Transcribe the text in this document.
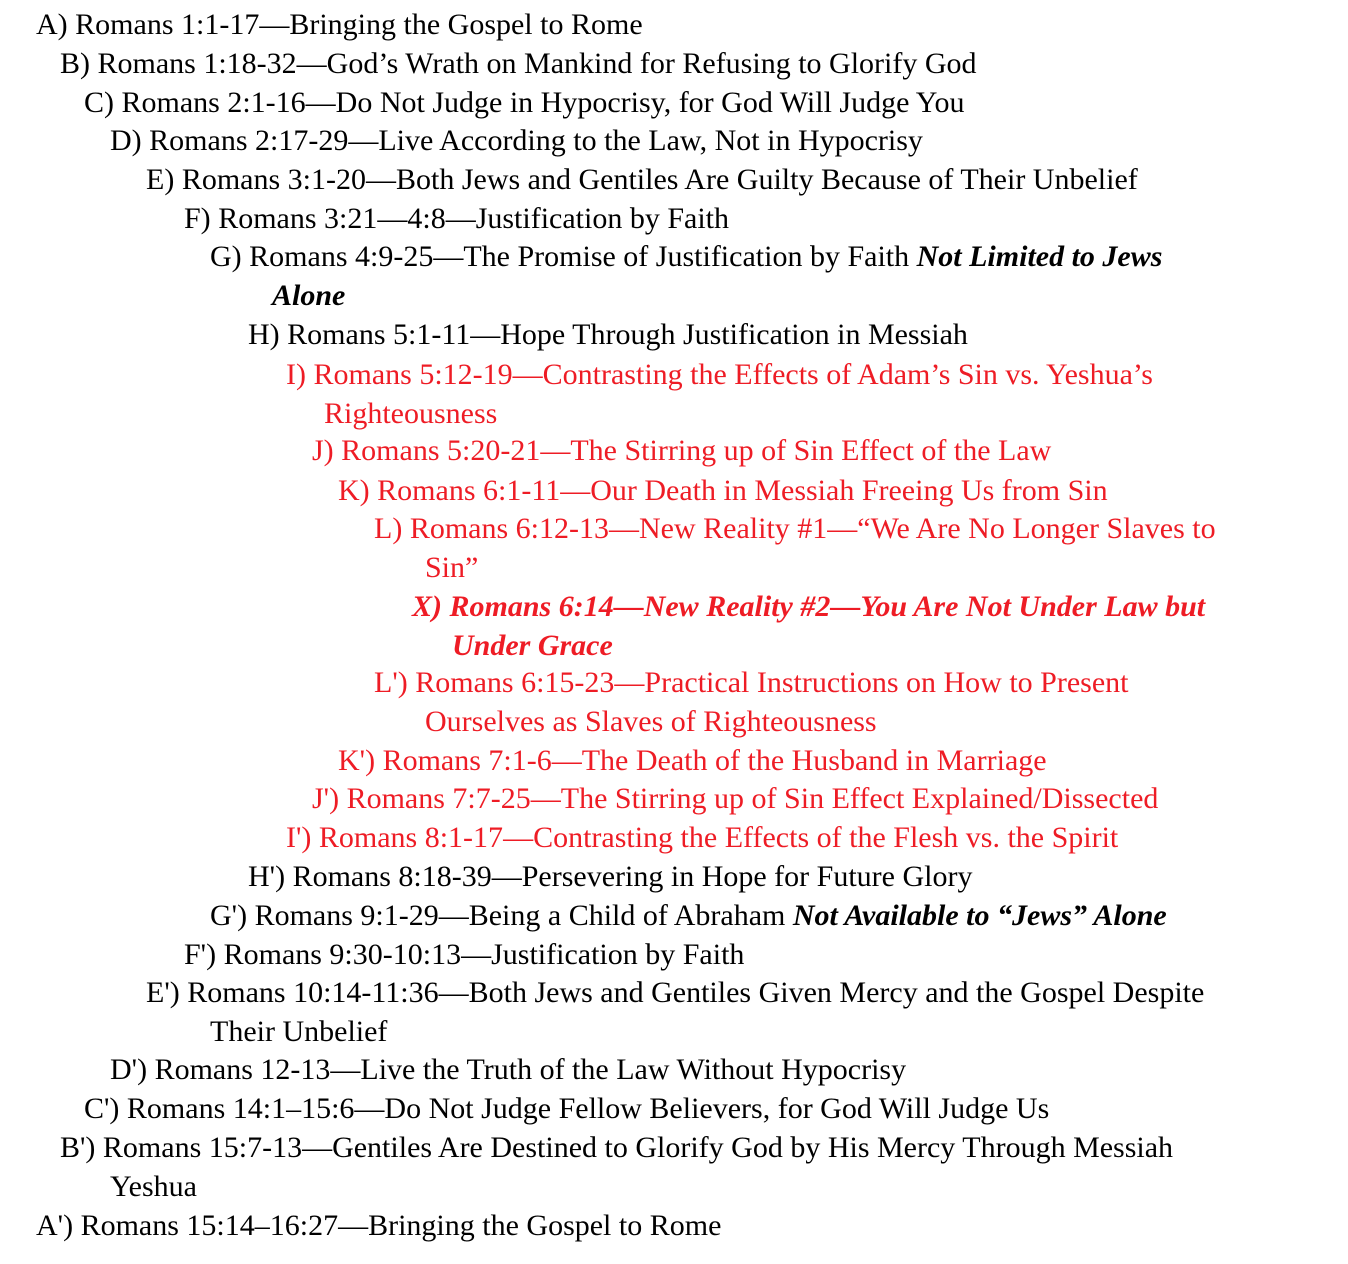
A) Romans 1:1-17—Bringing the Gospel to Rome
B) Romans 1:18-32—God’s Wrath on Mankind for Refusing to Glorify God
C) Romans 2:1-16—Do Not Judge in Hypocrisy, for God Will Judge You
D) Romans 2:17-29—Live According to the Law, Not in Hypocrisy
E) Romans 3:1-20—Both Jews and Gentiles Are Guilty Because of Their Unbelief
F) Romans 3:21—4:8—Justification by Faith
G) Romans 4:9-25—The Promise of Justification by Faith Not Limited to Jews
Alone
H) Romans 5:1-11—Hope Through Justification in Messiah
I) Romans 5:12-19—Contrasting the Effects of Adam’s Sin vs. Yeshua’s
Righteousness
J) Romans 5:20-21—The Stirring up of Sin Effect of the Law
K) Romans 6:1-11—Our Death in Messiah Freeing Us from Sin
L) Romans 6:12-13—New Reality #1—“We Are No Longer Slaves to
Sin”
X) Romans 6:14—New Reality #2—You Are Not Under Law but
Under Grace
L') Romans 6:15-23—Practical Instructions on How to Present
Ourselves as Slaves of Righteousness
K') Romans 7:1-6—The Death of the Husband in Marriage
J') Romans 7:7-25—The Stirring up of Sin Effect Explained/Dissected
I') Romans 8:1-17—Contrasting the Effects of the Flesh vs. the Spirit
H') Romans 8:18-39—Persevering in Hope for Future Glory
G') Romans 9:1-29—Being a Child of Abraham Not Available to “Jews” Alone
F') Romans 9:30-10:13—Justification by Faith
E') Romans 10:14-11:36—Both Jews and Gentiles Given Mercy and the Gospel Despite
Their Unbelief
D') Romans 12-13—Live the Truth of the Law Without Hypocrisy
C') Romans 14:1–15:6—Do Not Judge Fellow Believers, for God Will Judge Us
B') Romans 15:7-13—Gentiles Are Destined to Glorify God by His Mercy Through Messiah
Yeshua
A') Romans 15:14–16:27—Bringing the Gospel to Rome
